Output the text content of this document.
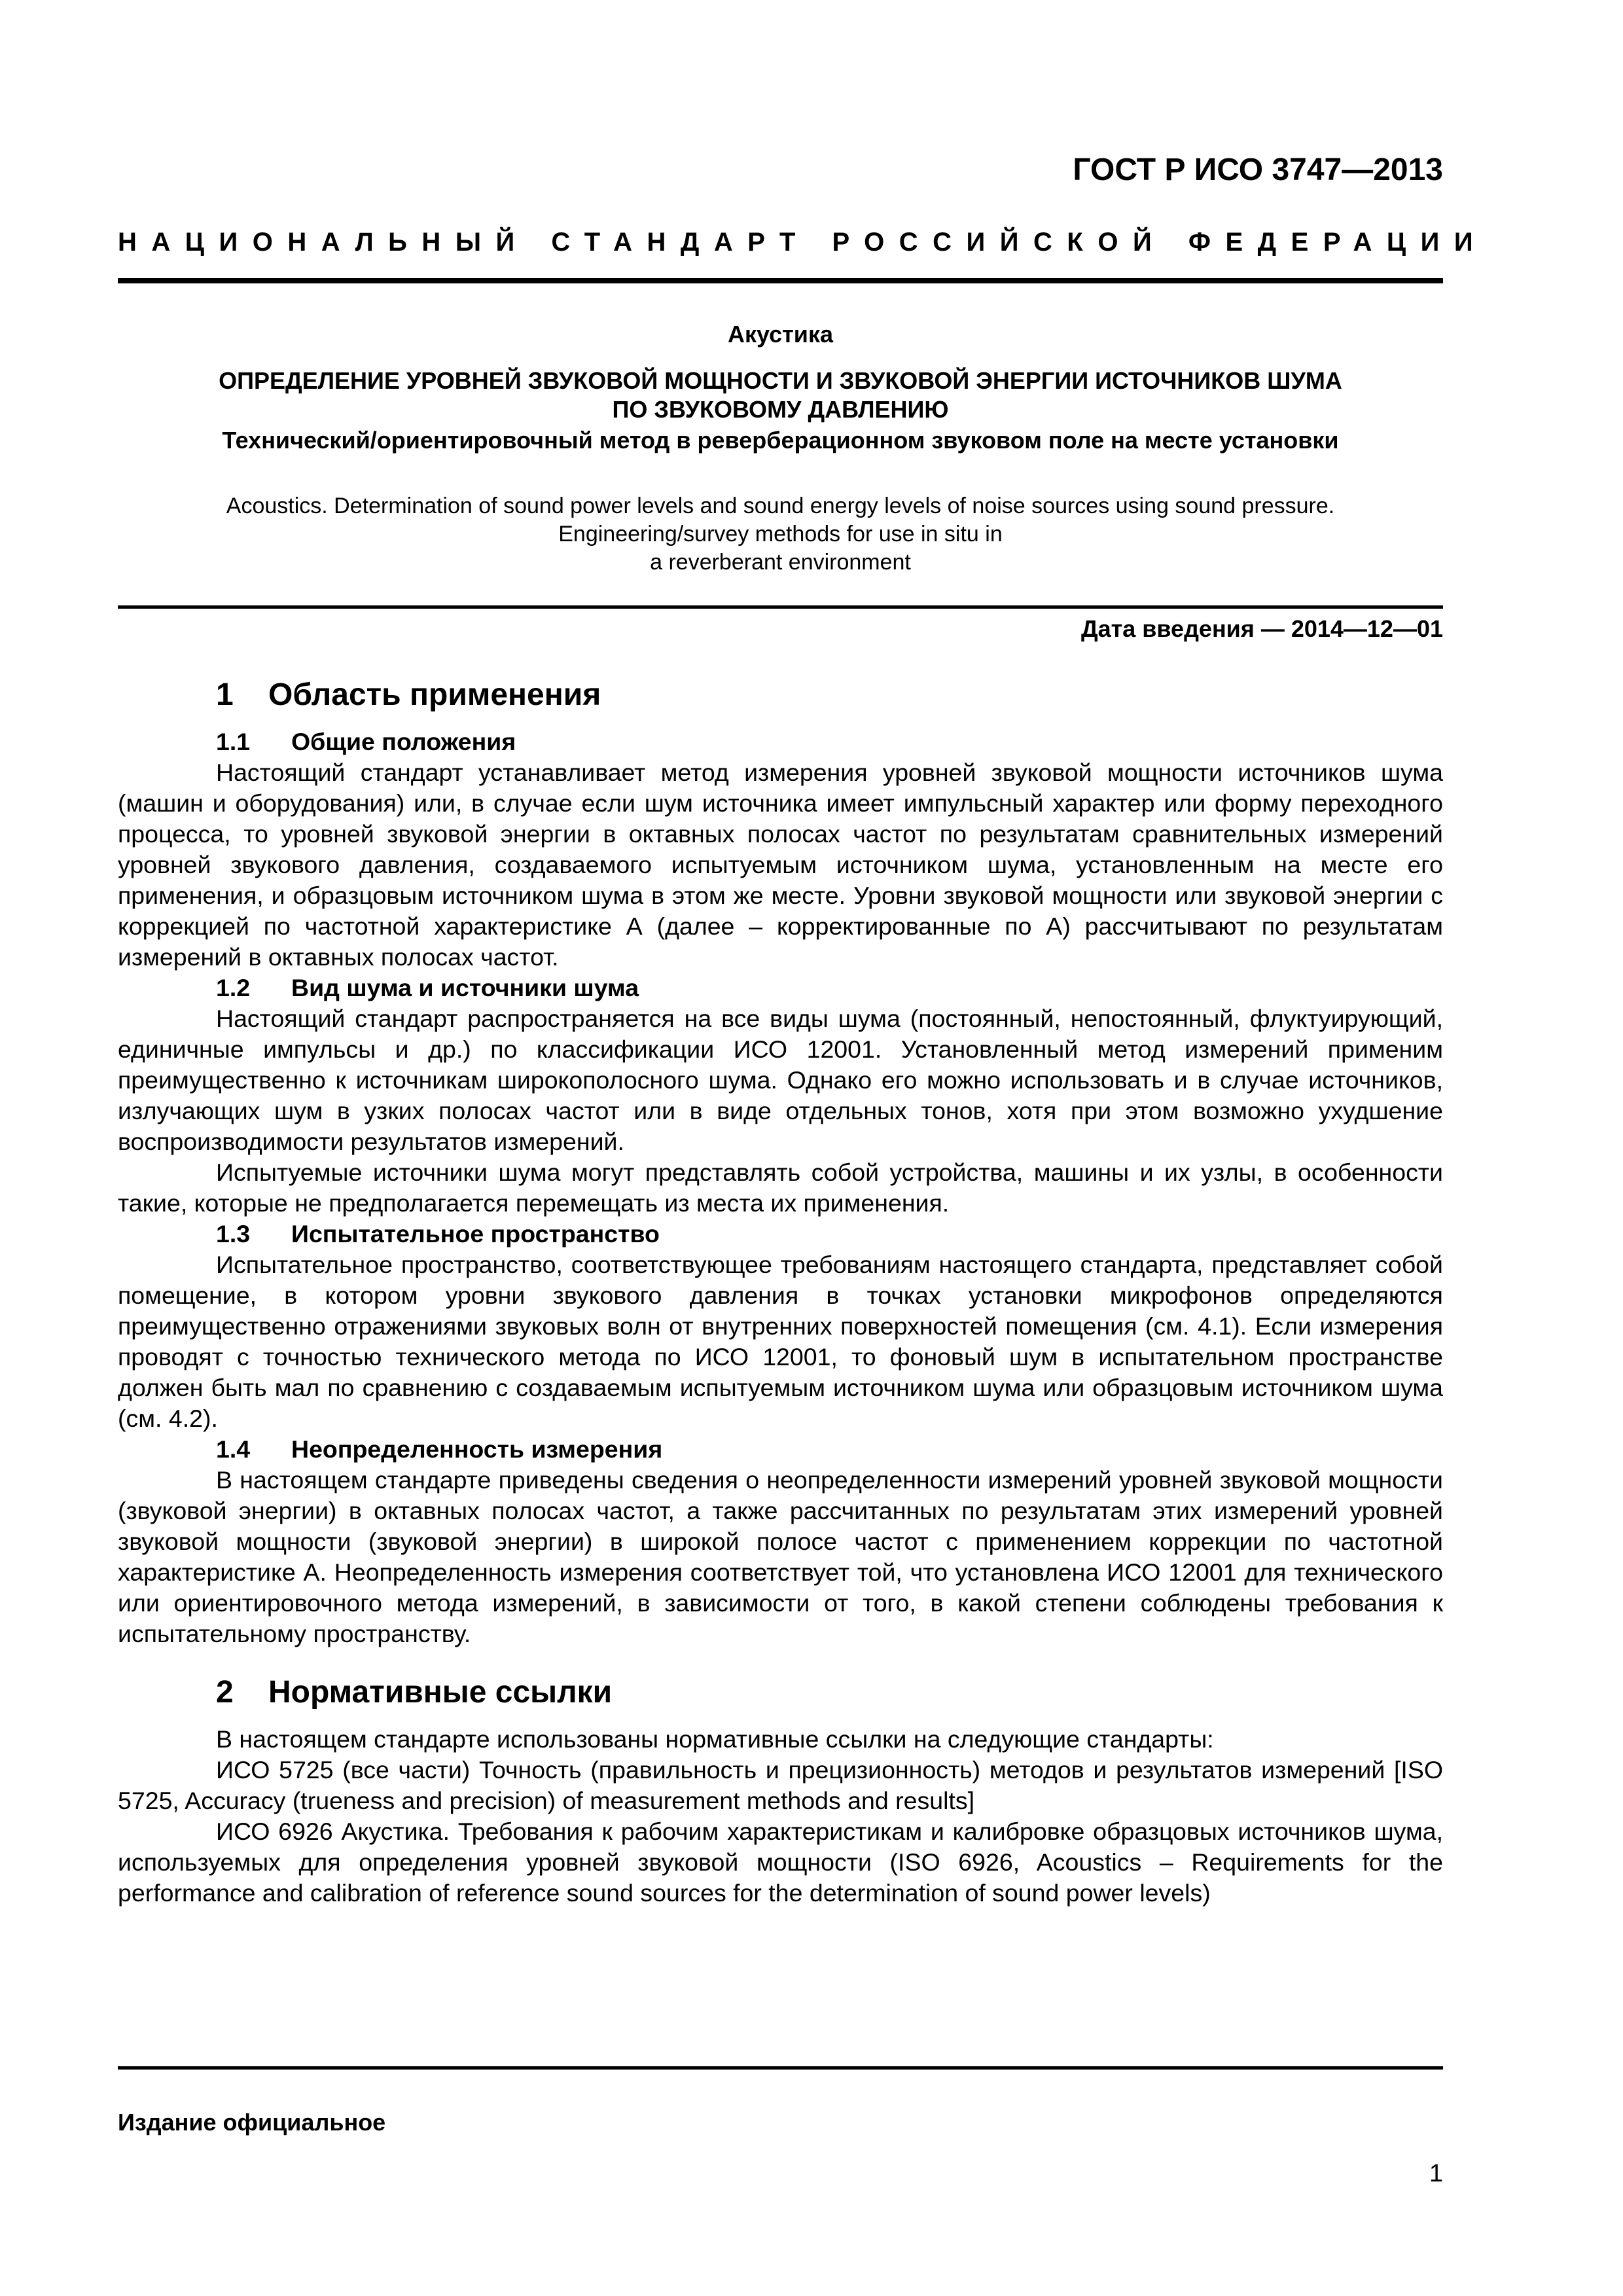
ГОСТ Р ИСО 3747—2013
НАЦИОНАЛЬНЫЙ СТАНДАРТ РОССИЙСКОЙ ФЕДЕРАЦИИ
Акустика
ОПРЕДЕЛЕНИЕ УРОВНЕЙ ЗВУКОВОЙ МОЩНОСТИ И ЗВУКОВОЙ ЭНЕРГИИ ИСТОЧНИКОВ ШУМА
ПО ЗВУКОВОМУ ДАВЛЕНИЮ
Технический/ориентировочный метод в реверберационном звуковом поле на месте установки
Acoustics. Determination of sound power levels and sound energy levels of noise sources using sound pressure.
Engineering/survey methods for use in situ in
a reverberant environment
Дата введения — 2014—12—01
1 Область применения
1.1 Общие положения

Настоящий стандарт устанавливает метод измерения уровней звуковой мощности источников шума (машин и оборудования) или, в случае если шум источника имеет импульсный характер или форму переходного процесса, то уровней звуковой энергии в октавных полосах частот по результатам сравнительных измерений уровней звукового давления, создаваемого испытуемым источником шума, установленным на месте его применения, и образцовым источником шума в этом же месте. Уровни звуковой мощности или звуковой энергии с коррекцией по частотной характеристике А (далее – корректированные по А) рассчитывают по результатам измерений в октавных полосах частот.

1.2 Вид шума и источники шума

Настоящий стандарт распространяется на все виды шума (постоянный, непостоянный, флуктуирующий, единичные импульсы и др.) по классификации ИСО 12001. Установленный метод измерений применим преимущественно к источникам широкополосного шума. Однако его можно использовать и в случае источников, излучающих шум в узких полосах частот или в виде отдельных тонов, хотя при этом возможно ухудшение воспроизводимости результатов измерений.

Испытуемые источники шума могут представлять собой устройства, машины и их узлы, в особенности такие, которые не предполагается перемещать из места их применения.

1.3 Испытательное пространство

Испытательное пространство, соответствующее требованиям настоящего стандарта, представляет собой помещение, в котором уровни звукового давления в точках установки микрофонов определяются преимущественно отражениями звуковых волн от внутренних поверхностей помещения (см. 4.1). Если измерения проводят с точностью технического метода по ИСО 12001, то фоновый шум в испытательном пространстве должен быть мал по сравнению с создаваемым испытуемым источником шума или образцовым источником шума (см. 4.2).

1.4 Неопределенность измерения

В настоящем стандарте приведены сведения о неопределенности измерений уровней звуковой мощности (звуковой энергии) в октавных полосах частот, а также рассчитанных по результатам этих измерений уровней звуковой мощности (звуковой энергии) в широкой полосе частот с применением коррекции по частотной характеристике А. Неопределенность измерения соответствует той, что установлена ИСО 12001 для технического или ориентировочного метода измерений, в зависимости от того, в какой степени соблюдены требования к испытательному пространству.

2 Нормативные ссылки

В настоящем стандарте использованы нормативные ссылки на следующие стандарты:

ИСО 5725 (все части) Точность (правильность и прецизионность) методов и результатов измерений [ISO 5725, Accuracy (trueness and precision) of measurement methods and results]

ИСО 6926 Акустика. Требования к рабочим характеристикам и калибровке образцовых источников шума, используемых для определения уровней звуковой мощности (ISO 6926, Acoustics – Requirements for the performance and calibration of reference sound sources for the determination of sound power levels)

Издание официальное
1
